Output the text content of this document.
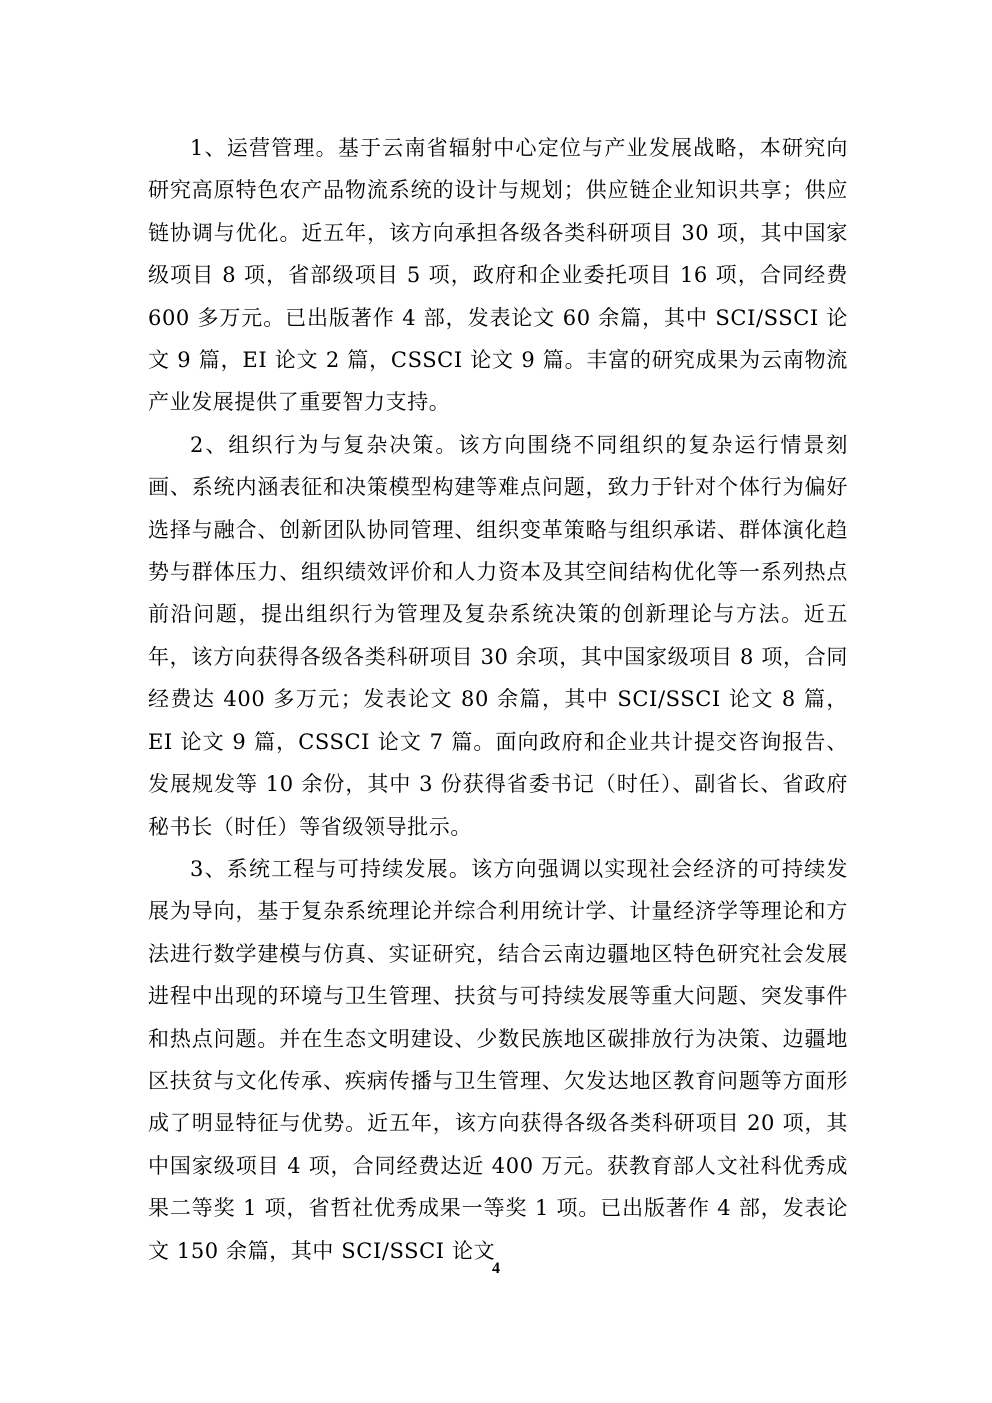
1、运营管理。基于云南省辐射中心定位与产业发展战略，本研究向研究高原特色农产品物流系统的设计与规划；供应链企业知识共享；供应链协调与优化。近五年，该方向承担各级各类科研项目 30 项，其中国家级项目 8 项，省部级项目 5 项，政府和企业委托项目 16 项，合同经费 600 多万元。已出版著作 4 部，发表论文 60 余篇，其中 SCI/SSCI 论文 9 篇，EI 论文 2 篇，CSSCI 论文 9 篇。丰富的研究成果为云南物流产业发展提供了重要智力支持。

2、组织行为与复杂决策。该方向围绕不同组织的复杂运行情景刻画、系统内涵表征和决策模型构建等难点问题，致力于针对个体行为偏好选择与融合、创新团队协同管理、组织变革策略与组织承诺、群体演化趋势与群体压力、组织绩效评价和人力资本及其空间结构优化等一系列热点前沿问题，提出组织行为管理及复杂系统决策的创新理论与方法。近五年，该方向获得各级各类科研项目 30 余项，其中国家级项目 8 项，合同经费达 400 多万元；发表论文 80 余篇，其中 SCI/SSCI 论文 8 篇，EI 论文 9 篇，CSSCI 论文 7 篇。面向政府和企业共计提交咨询报告、发展规发等 10 余份，其中 3 份获得省委书记（时任）、副省长、省政府秘书长（时任）等省级领导批示。

3、系统工程与可持续发展。该方向强调以实现社会经济的可持续发展为导向，基于复杂系统理论并综合利用统计学、计量经济学等理论和方法进行数学建模与仿真、实证研究，结合云南边疆地区特色研究社会发展进程中出现的环境与卫生管理、扶贫与可持续发展等重大问题、突发事件和热点问题。并在生态文明建设、少数民族地区碳排放行为决策、边疆地区扶贫与文化传承、疾病传播与卫生管理、欠发达地区教育问题等方面形成了明显特征与优势。近五年，该方向获得各级各类科研项目 20 项，其中国家级项目 4 项，合同经费达近 400 万元。获教育部人文社科优秀成果二等奖 1 项，省哲社优秀成果一等奖 1 项。已出版著作 4 部，发表论文 150 余篇，其中 SCI/SSCI 论文

4
